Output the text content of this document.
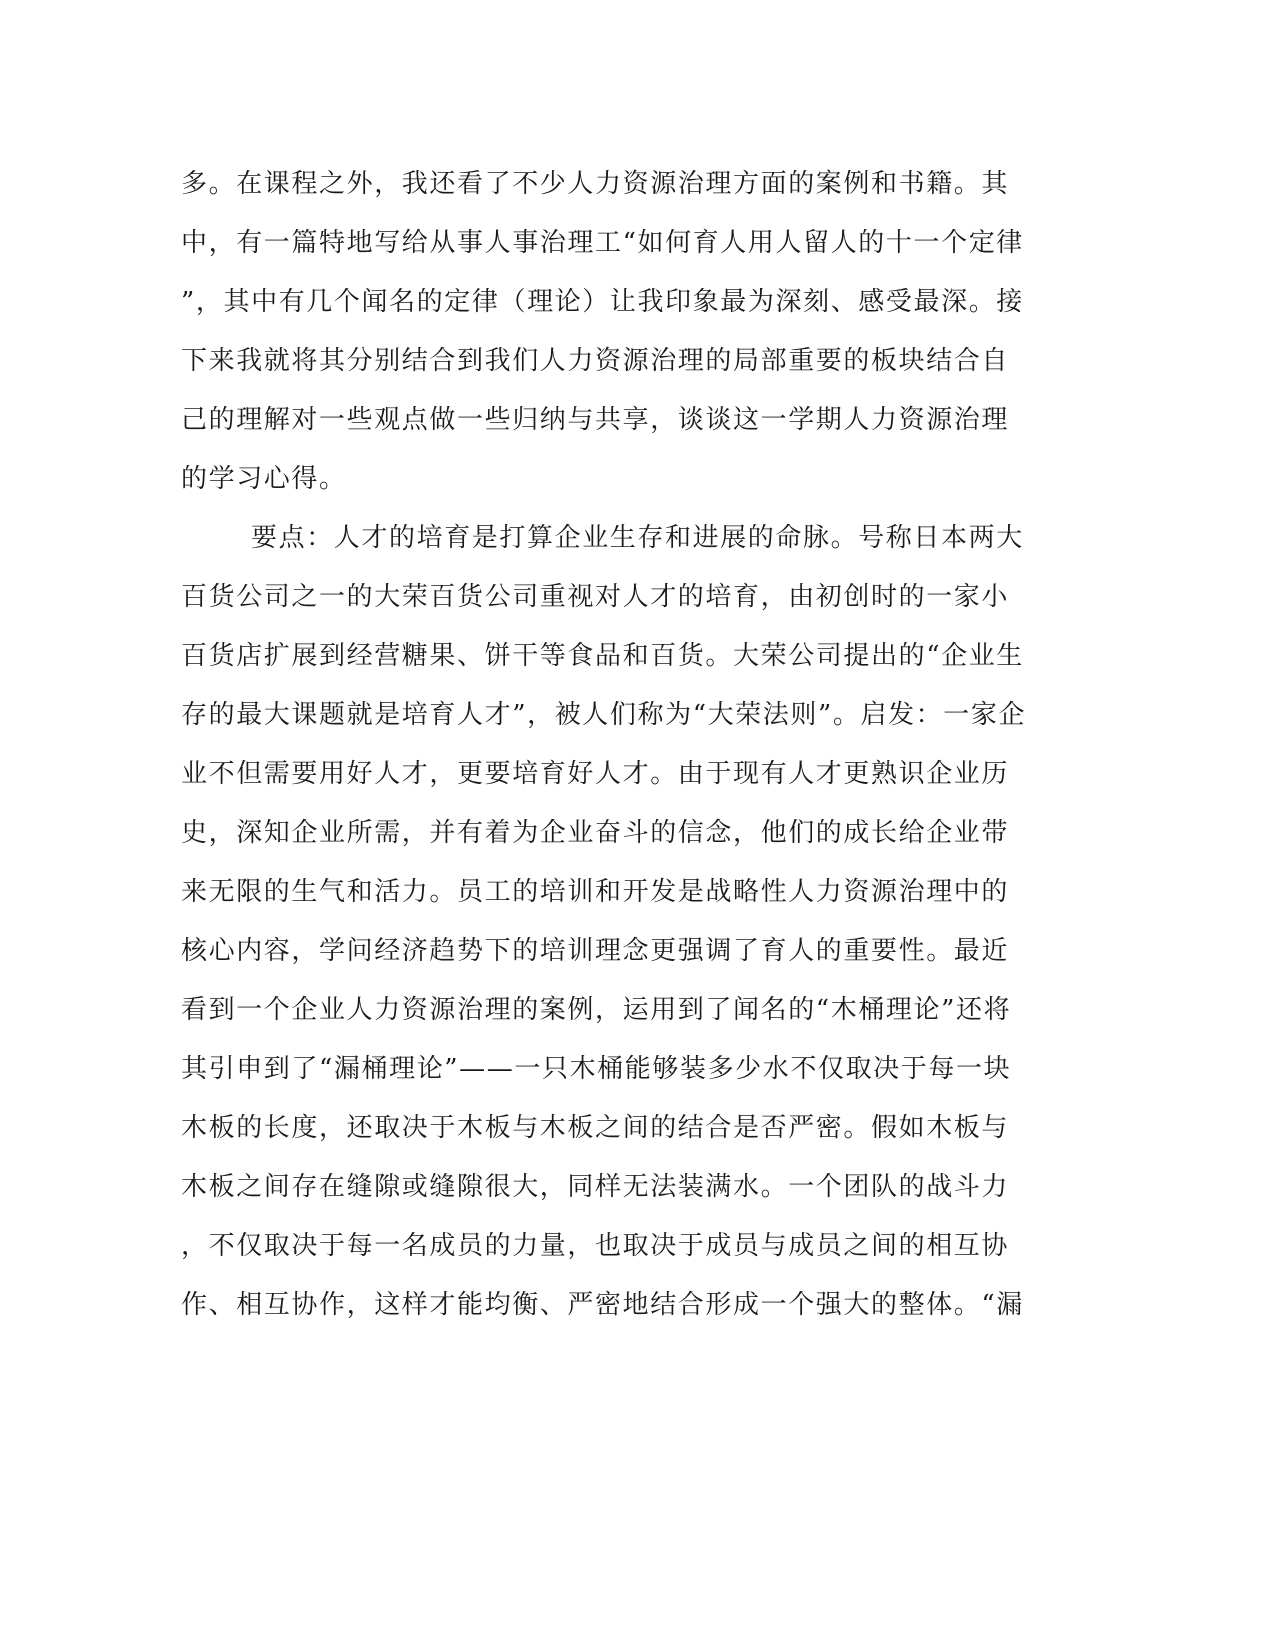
多。在课程之外，我还看了不少人力资源治理方面的案例和书籍。其
中，有一篇特地写给从事人事治理工“如何育人用人留人的十一个定律
”，其中有几个闻名的定律（理论）让我印象最为深刻、感受最深。接
下来我就将其分别结合到我们人力资源治理的局部重要的板块结合自
己的理解对一些观点做一些归纳与共享，谈谈这一学期人力资源治理
的学习心得。
要点：人才的培育是打算企业生存和进展的命脉。号称日本两大
百货公司之一的大荣百货公司重视对人才的培育，由初创时的一家小
百货店扩展到经营糖果、饼干等食品和百货。大荣公司提出的“企业生
存的最大课题就是培育人才”，被人们称为“大荣法则”。启发：一家企
业不但需要用好人才，更要培育好人才。由于现有人才更熟识企业历
史，深知企业所需，并有着为企业奋斗的信念，他们的成长给企业带
来无限的生气和活力。员工的培训和开发是战略性人力资源治理中的
核心内容，学问经济趋势下的培训理念更强调了育人的重要性。最近
看到一个企业人力资源治理的案例，运用到了闻名的“木桶理论”还将
其引申到了“漏桶理论”——一只木桶能够装多少水不仅取决于每一块
木板的长度，还取决于木板与木板之间的结合是否严密。假如木板与
木板之间存在缝隙或缝隙很大，同样无法装满水。一个团队的战斗力
，不仅取决于每一名成员的力量，也取决于成员与成员之间的相互协
作、相互协作，这样才能均衡、严密地结合形成一个强大的整体。“漏
